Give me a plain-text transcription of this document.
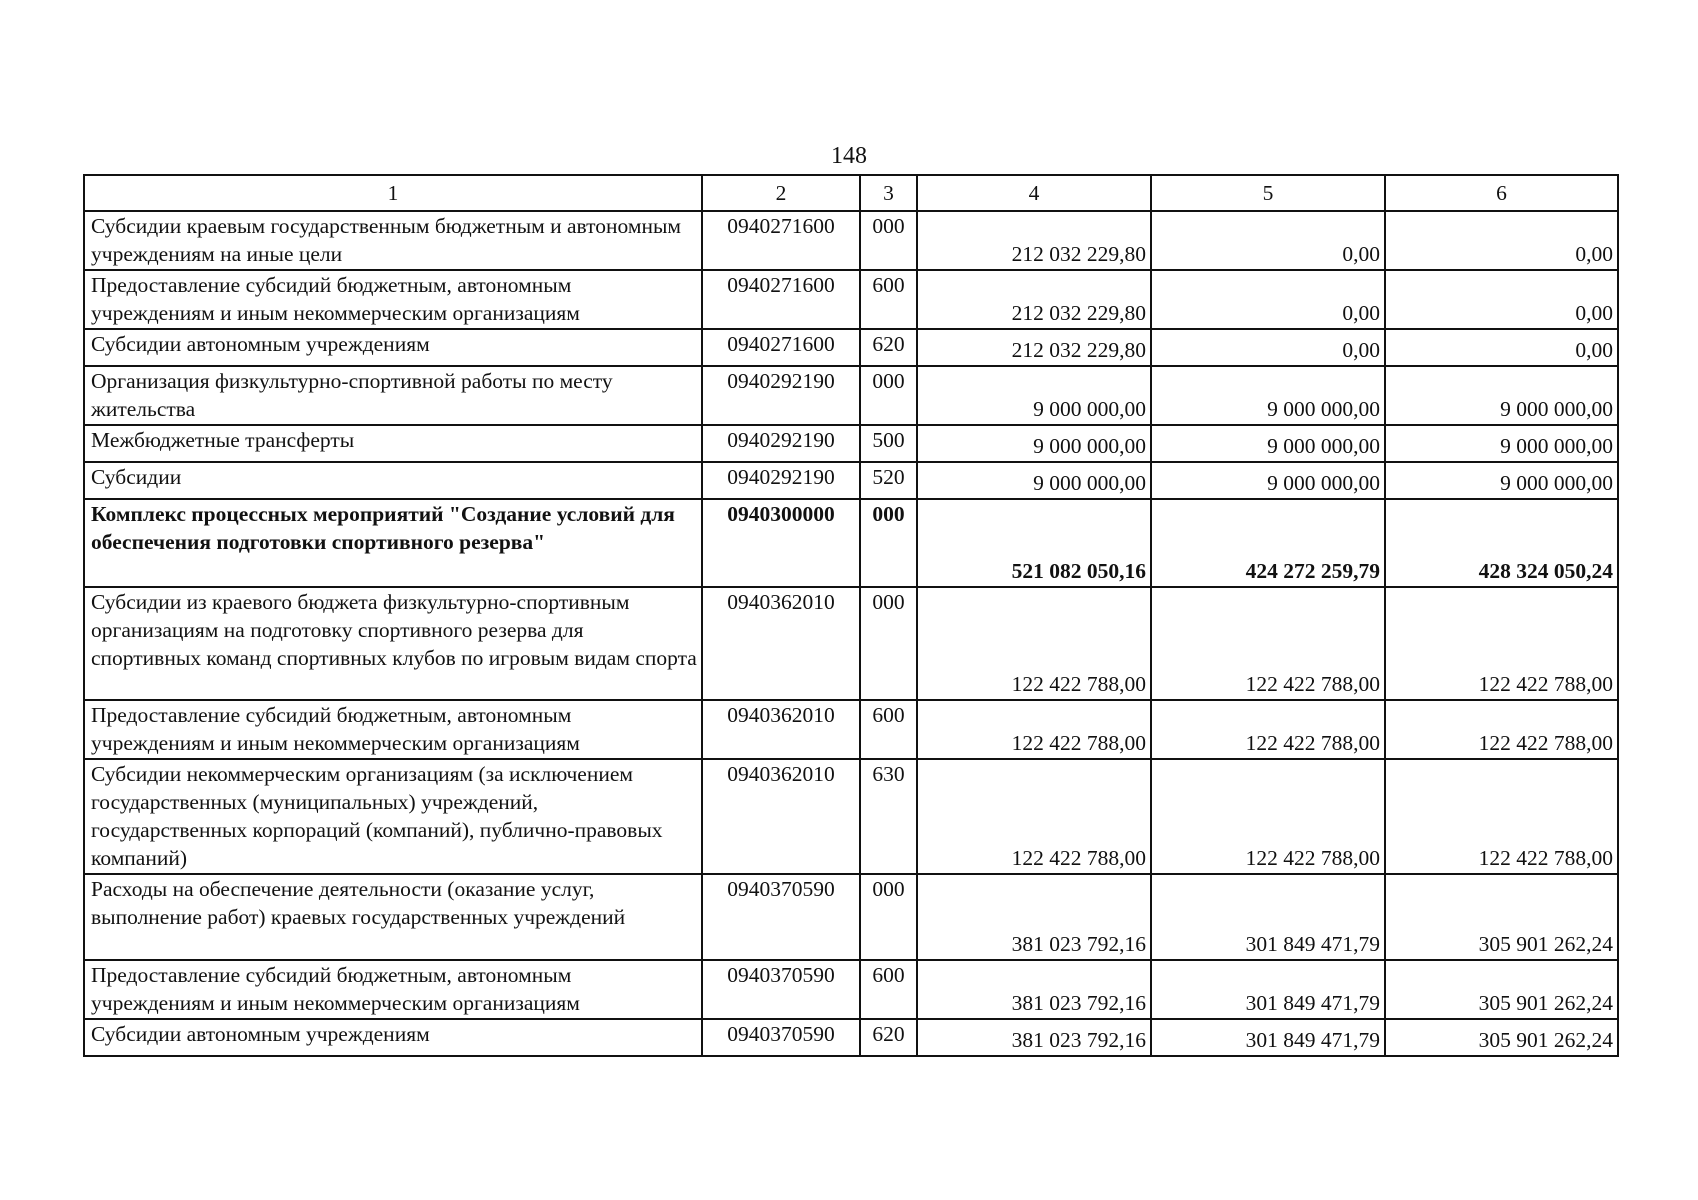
148
1	2	3	4	5	6
Субсидии краевым государственным бюджетным и автономным учреждениям на иные цели	0940271600	000	212 032 229,80	0,00	0,00
Предоставление субсидий бюджетным, автономным учреждениям и иным некоммерческим организациям	0940271600	600	212 032 229,80	0,00	0,00
Субсидии автономным учреждениям	0940271600	620	212 032 229,80	0,00	0,00
Организация физкультурно-спортивной работы по месту жительства	0940292190	000	9 000 000,00	9 000 000,00	9 000 000,00
Межбюджетные трансферты	0940292190	500	9 000 000,00	9 000 000,00	9 000 000,00
Субсидии	0940292190	520	9 000 000,00	9 000 000,00	9 000 000,00
Комплекс процессных мероприятий "Создание условий для обеспечения подготовки спортивного резерва"	0940300000	000	521 082 050,16	424 272 259,79	428 324 050,24
Субсидии из краевого бюджета физкультурно-спортивным организациям на подготовку спортивного резерва для спортивных команд спортивных клубов по игровым видам спорта	0940362010	000	122 422 788,00	122 422 788,00	122 422 788,00
Предоставление субсидий бюджетным, автономным учреждениям и иным некоммерческим организациям	0940362010	600	122 422 788,00	122 422 788,00	122 422 788,00
Субсидии некоммерческим организациям (за исключением государственных (муниципальных) учреждений, государственных корпораций (компаний), публично-правовых компаний)	0940362010	630	122 422 788,00	122 422 788,00	122 422 788,00
Расходы на обеспечение деятельности (оказание услуг, выполнение работ) краевых государственных учреждений	0940370590	000	381 023 792,16	301 849 471,79	305 901 262,24
Предоставление субсидий бюджетным, автономным учреждениям и иным некоммерческим организациям	0940370590	600	381 023 792,16	301 849 471,79	305 901 262,24
Субсидии автономным учреждениям	0940370590	620	381 023 792,16	301 849 471,79	305 901 262,24
